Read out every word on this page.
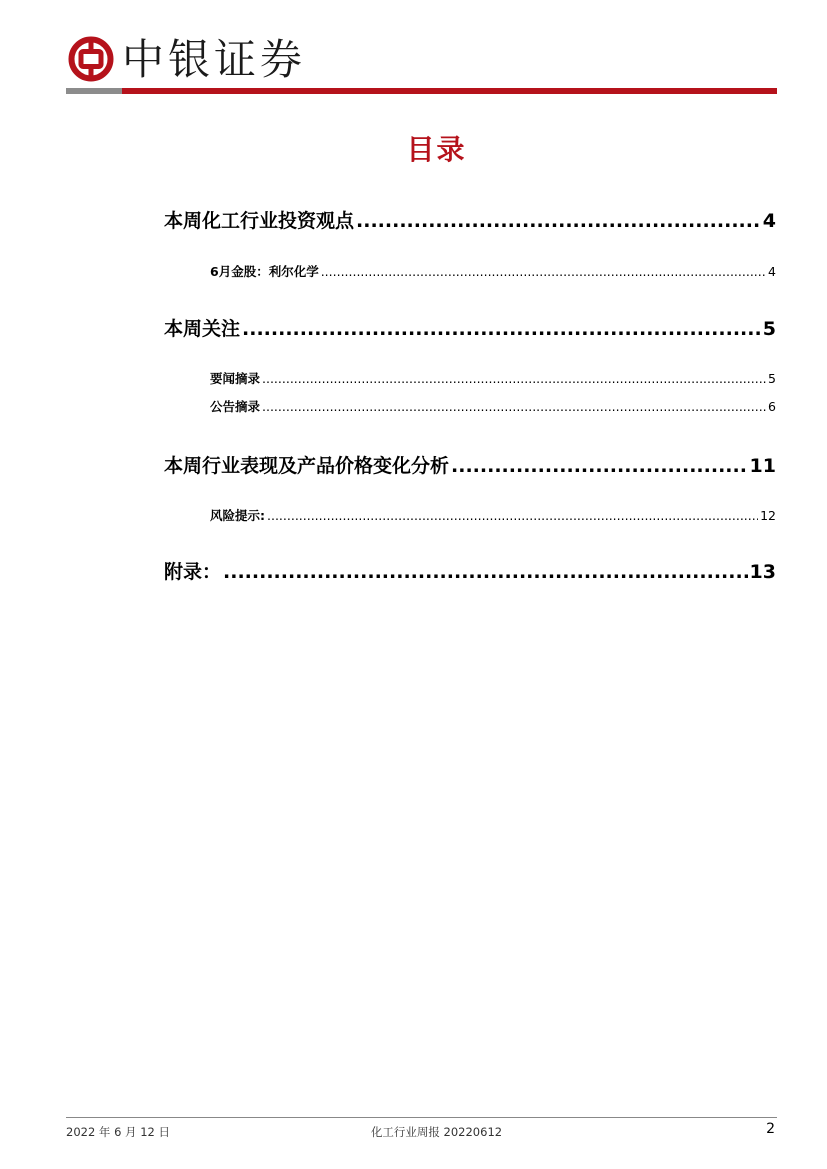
中银证券
目录
本周化工行业投资观点 .....	4
6月金股：利尔化学 .....	4
本周关注 .....	5
要闻摘录 .....	5
公告摘录 .....	6
本周行业表现及产品价格变化分析 .....	11
风险提示: .....	12
附录： .....	13
2022 年 6 月 12 日	化工行业周报 20220612	2
